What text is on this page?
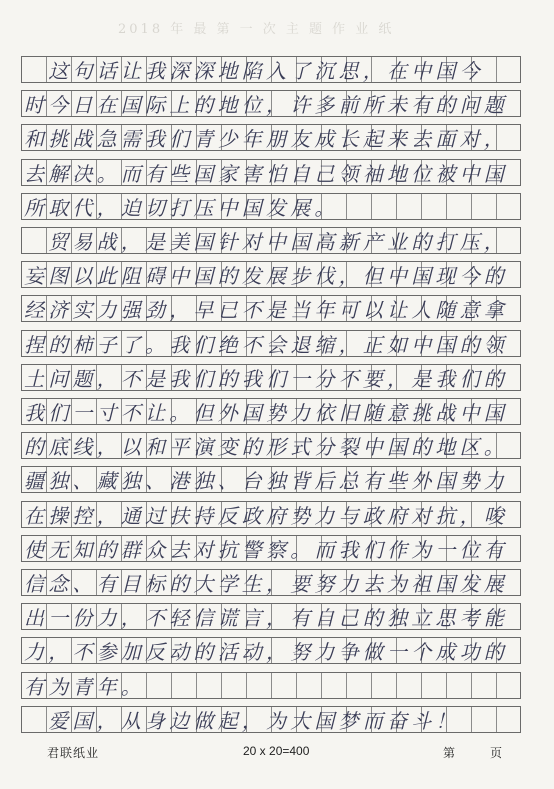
2018 年 最 第 一 次 主 题 作 业 纸
　这句话让我深深地陷入了沉思，在中国今
时今日在国际上的地位，许多前所未有的问题
和挑战急需我们青少年朋友成长起来去面对，
去解决。而有些国家害怕自己领袖地位被中国
所取代，迫切打压中国发展。
　贸易战，是美国针对中国高新产业的打压，
妄图以此阻碍中国的发展步伐，但中国现今的
经济实力强劲，早已不是当年可以让人随意拿
捏的柿子了。我们绝不会退缩，正如中国的领
土问题，不是我们的我们一分不要，是我们的
我们一寸不让。但外国势力依旧随意挑战中国
的底线，以和平演变的形式分裂中国的地区。
疆独、藏独、港独、台独背后总有些外国势力
在操控，通过扶持反政府势力与政府对抗，唆
使无知的群众去对抗警察。而我们作为一位有
信念、有目标的大学生，要努力去为祖国发展
出一份力，不轻信谎言，有自己的独立思考能
力，不参加反动的活动，努力争做一个成功的
有为青年。
　爱国，从身边做起，为大国梦而奋斗！
君联纸业	20 x 20=400	第	页
